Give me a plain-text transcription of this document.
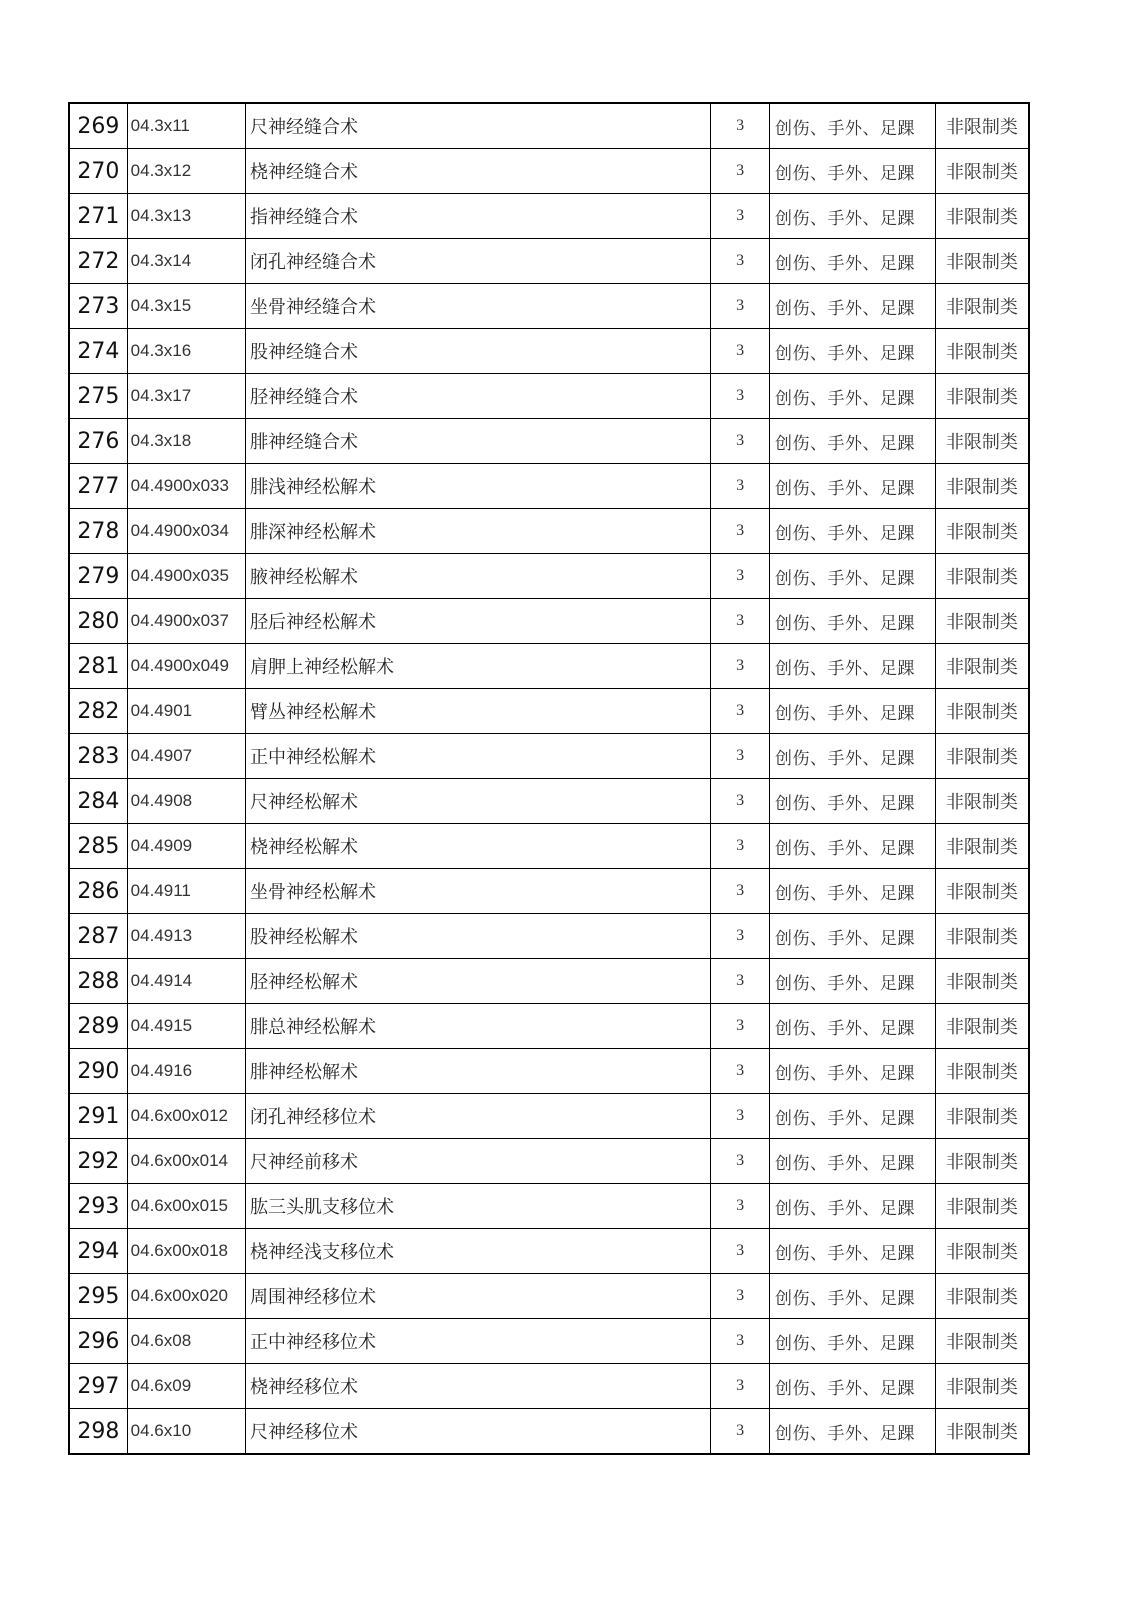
269	04.3x11	尺神经缝合术	3	创伤、手外、足踝	非限制类
270	04.3x12	桡神经缝合术	3	创伤、手外、足踝	非限制类
271	04.3x13	指神经缝合术	3	创伤、手外、足踝	非限制类
272	04.3x14	闭孔神经缝合术	3	创伤、手外、足踝	非限制类
273	04.3x15	坐骨神经缝合术	3	创伤、手外、足踝	非限制类
274	04.3x16	股神经缝合术	3	创伤、手外、足踝	非限制类
275	04.3x17	胫神经缝合术	3	创伤、手外、足踝	非限制类
276	04.3x18	腓神经缝合术	3	创伤、手外、足踝	非限制类
277	04.4900x033	腓浅神经松解术	3	创伤、手外、足踝	非限制类
278	04.4900x034	腓深神经松解术	3	创伤、手外、足踝	非限制类
279	04.4900x035	腋神经松解术	3	创伤、手外、足踝	非限制类
280	04.4900x037	胫后神经松解术	3	创伤、手外、足踝	非限制类
281	04.4900x049	肩胛上神经松解术	3	创伤、手外、足踝	非限制类
282	04.4901	臂丛神经松解术	3	创伤、手外、足踝	非限制类
283	04.4907	正中神经松解术	3	创伤、手外、足踝	非限制类
284	04.4908	尺神经松解术	3	创伤、手外、足踝	非限制类
285	04.4909	桡神经松解术	3	创伤、手外、足踝	非限制类
286	04.4911	坐骨神经松解术	3	创伤、手外、足踝	非限制类
287	04.4913	股神经松解术	3	创伤、手外、足踝	非限制类
288	04.4914	胫神经松解术	3	创伤、手外、足踝	非限制类
289	04.4915	腓总神经松解术	3	创伤、手外、足踝	非限制类
290	04.4916	腓神经松解术	3	创伤、手外、足踝	非限制类
291	04.6x00x012	闭孔神经移位术	3	创伤、手外、足踝	非限制类
292	04.6x00x014	尺神经前移术	3	创伤、手外、足踝	非限制类
293	04.6x00x015	肱三头肌支移位术	3	创伤、手外、足踝	非限制类
294	04.6x00x018	桡神经浅支移位术	3	创伤、手外、足踝	非限制类
295	04.6x00x020	周围神经移位术	3	创伤、手外、足踝	非限制类
296	04.6x08	正中神经移位术	3	创伤、手外、足踝	非限制类
297	04.6x09	桡神经移位术	3	创伤、手外、足踝	非限制类
298	04.6x10	尺神经移位术	3	创伤、手外、足踝	非限制类
